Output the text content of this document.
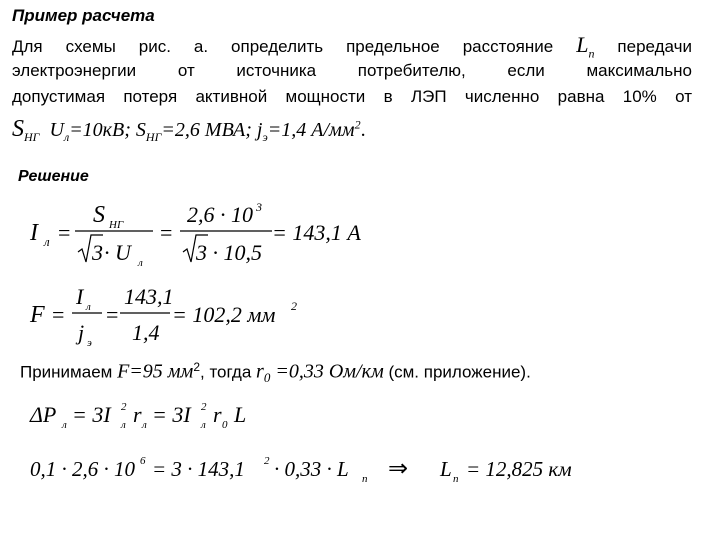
Пример расчета
Для схемы рис. а. определить предельное расстояние $L_п$ передачи
электроэнергии от источника потребителю, если максимально
допустимая потеря активной мощности в ЛЭП численно равна 10% от
$S_{НГ}$ $U_л=10кВ$; $S_{НГ}=2,6$ МВА; $j_э=1,4$ $А/мм^2$.
Решение
I л =
S НГ
3 · U л
=
2,6 · 10 3
3 · 10,5
= 143,1 А
F =
I л
j э
=
143,1
1,4
= 102,2 мм 2
ΔP л = 3I 2
л r л = 3I 2
л r 0 L
0,1 · 2,6 · 10 6 = 3 · 143,1 2 · 0,33 · L п ⇒ L п = 12,825 км
Принимаем F=95 $мм^2$, тогда $r_0 =0,33$ Ом/км (см. приложение).
